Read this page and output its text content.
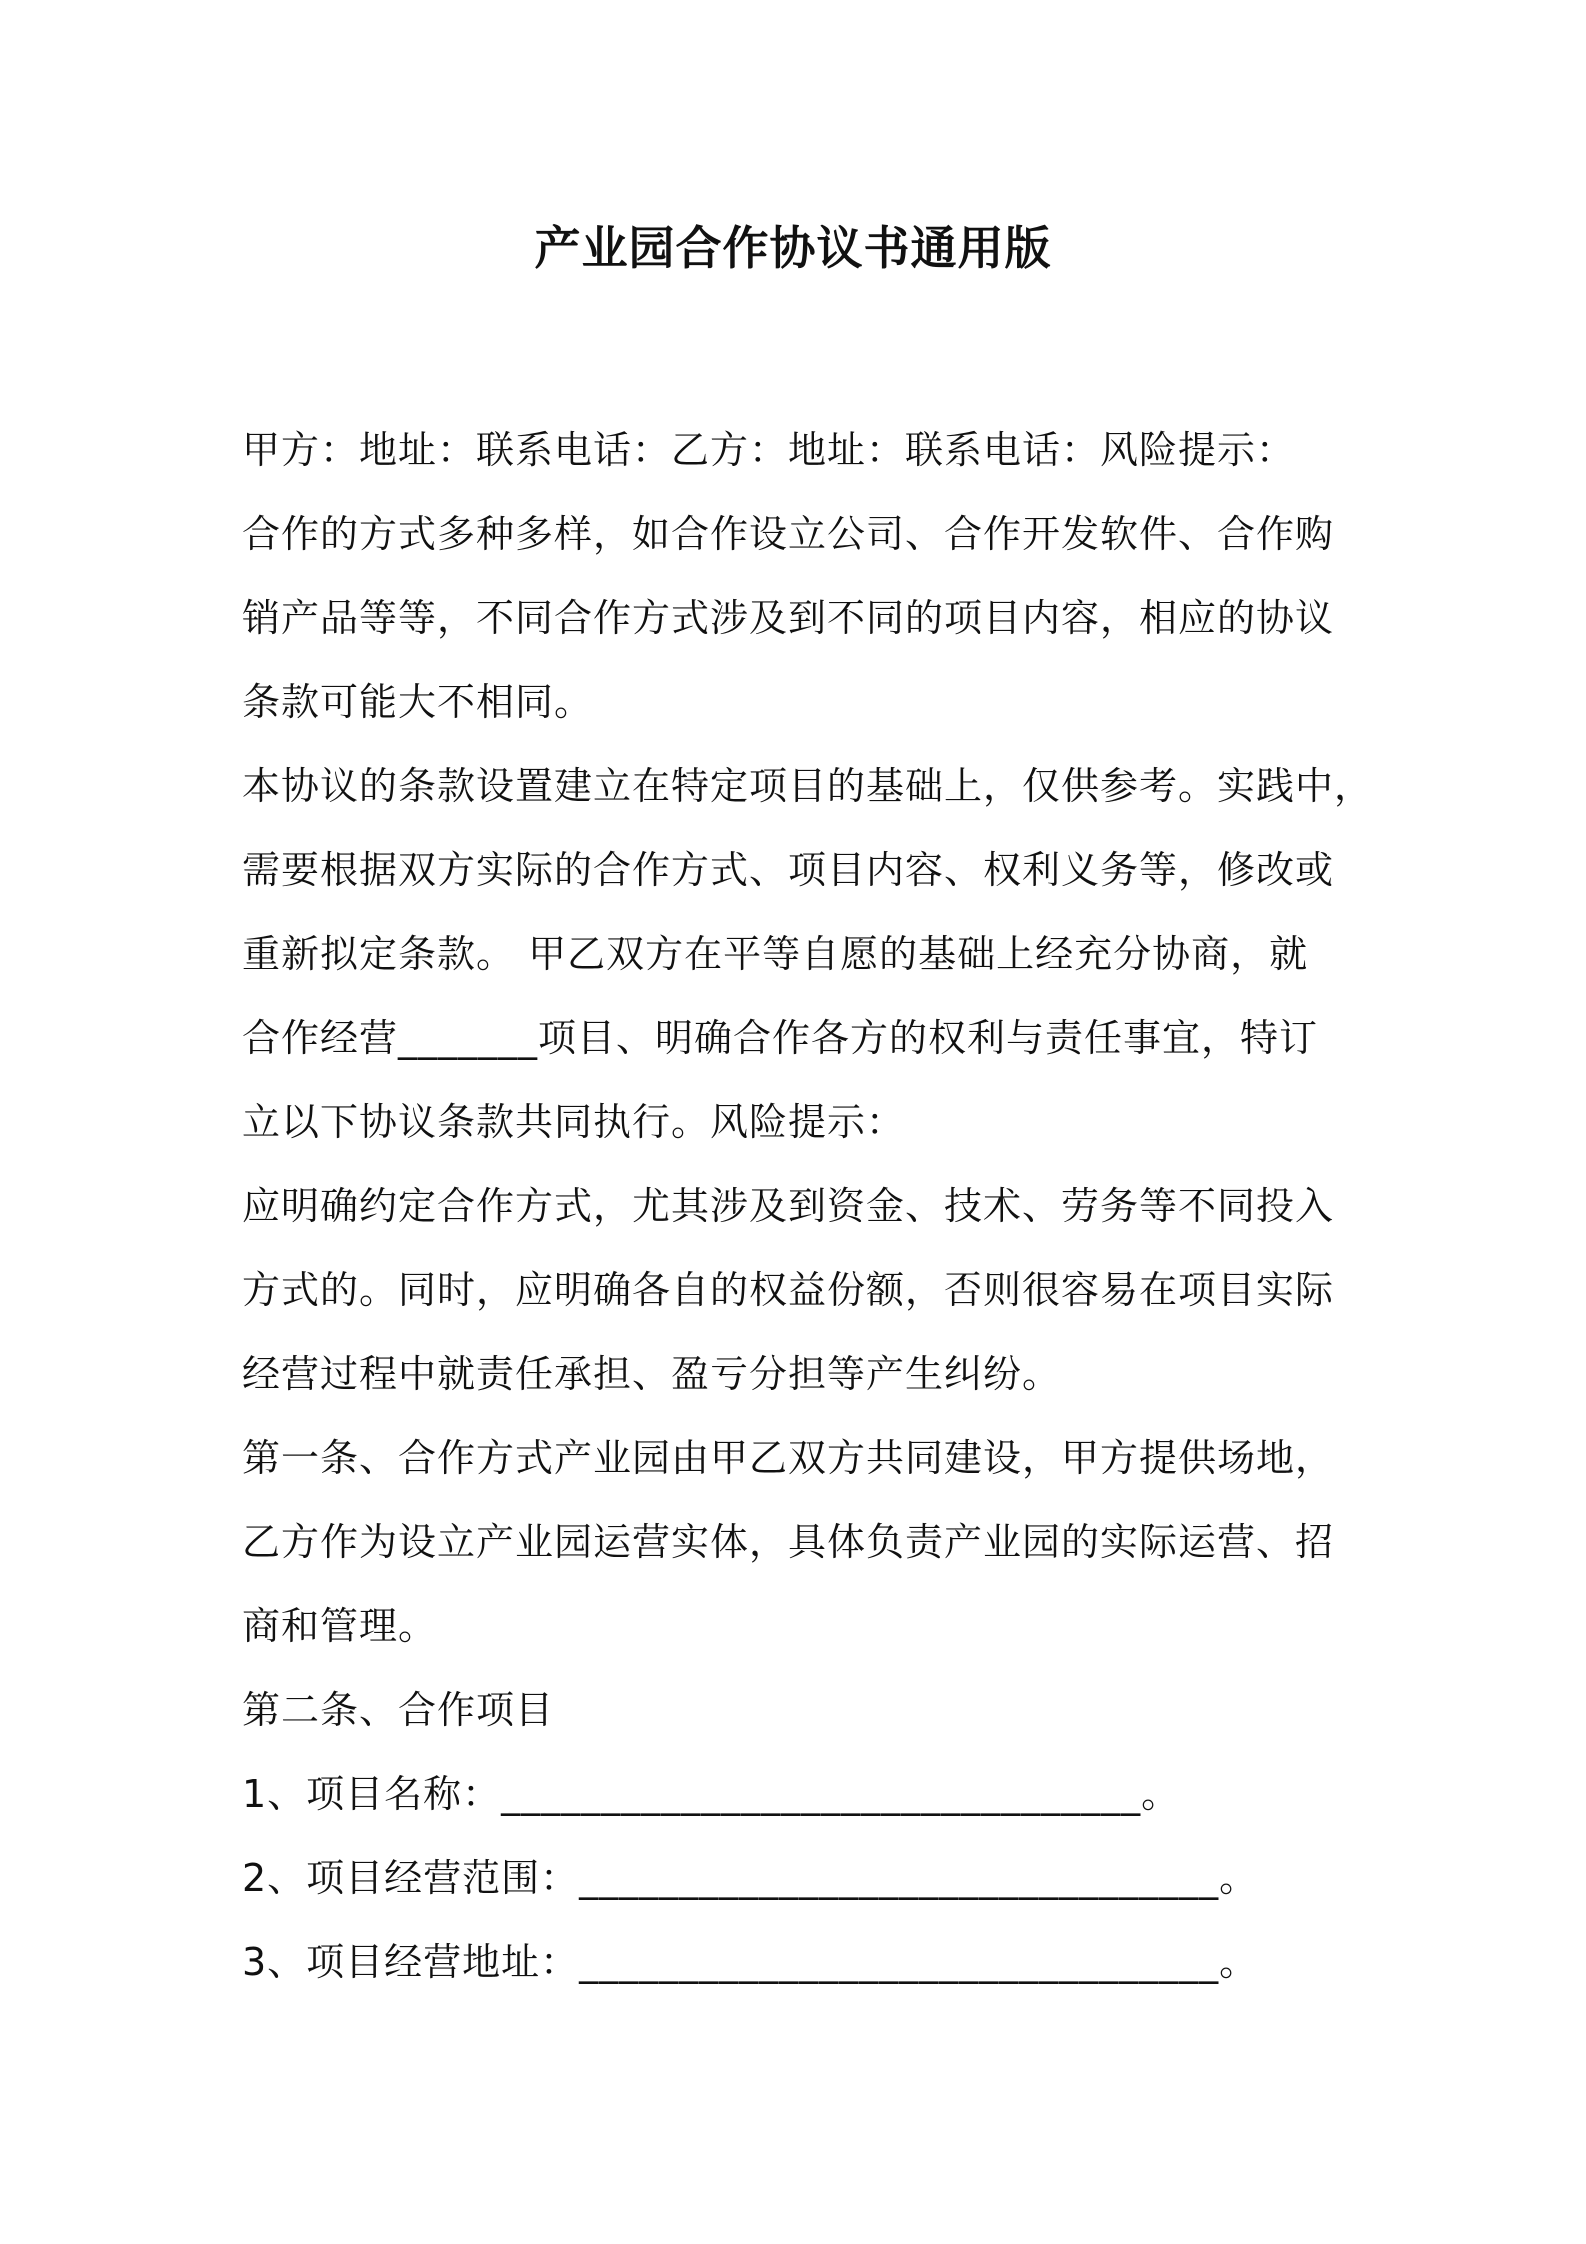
产业园合作协议书通用版
甲方：地址：联系电话：乙方：地址：联系电话：风险提示：
合作的方式多种多样，如合作设立公司、合作开发软件、合作购
销产品等等，不同合作方式涉及到不同的项目内容，相应的协议
条款可能大不相同。
本协议的条款设置建立在特定项目的基础上，仅供参考。实践中，
需要根据双方实际的合作方式、项目内容、权利义务等，修改或
重新拟定条款。 甲乙双方在平等自愿的基础上经充分协商，就
合作经营_______项目、明确合作各方的权利与责任事宜，特订
立以下协议条款共同执行。风险提示：
应明确约定合作方式，尤其涉及到资金、技术、劳务等不同投入
方式的。同时，应明确各自的权益份额，否则很容易在项目实际
经营过程中就责任承担、盈亏分担等产生纠纷。
第一条、合作方式产业园由甲乙双方共同建设，甲方提供场地，
乙方作为设立产业园运营实体，具体负责产业园的实际运营、招
商和管理。
第二条、合作项目
1、项目名称：________________________________。
2、项目经营范围：________________________________。
3、项目经营地址：________________________________。
